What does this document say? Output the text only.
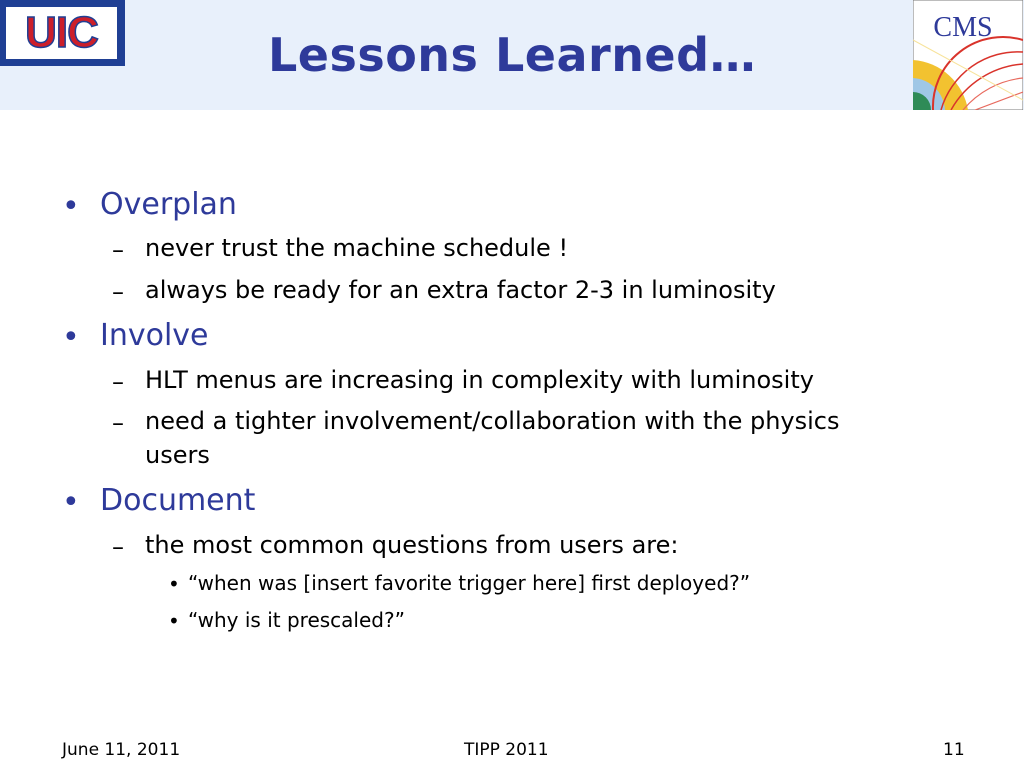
UIC	Lessons Learned…
CMS
• Overplan
– never trust the machine schedule !
– always be ready for an extra factor 2-3 in luminosity
• Involve
– HLT menus are increasing in complexity with luminosity
– need a tighter involvement/collaboration with the physics
users
• Document
– the most common questions from users are:
• “when was [insert favorite trigger here] first deployed?”
• “why is it prescaled?”
June 11, 2011	TIPP 2011	11
